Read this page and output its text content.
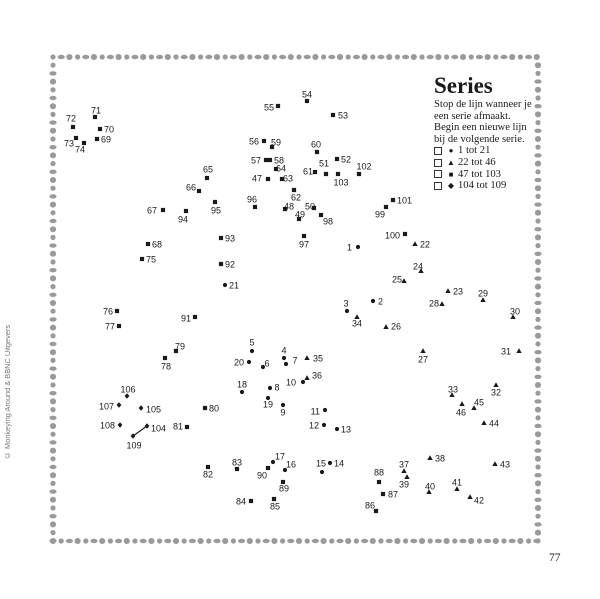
© Monkeying Around & BBNC Uitgevers
1
2
3
4
5
6	7
8
9
10
11
12 13
14
15
16
17
18
19
20
21
22
23
24
25
26
27
28
29
30
31
32
33
34
35
36
37
38
39 40 41
42
43
44
45
46
47
48
49
50
51 52
53
54
55
56
57 58
59	60
61
62
63
64
65
66
67
68
69
70
71
72
73
74
75
76
77
78
79
80
81
82
83
84	85	86
87
88
89
90
91
92
93
94
95
96
97
98
99
100
101
102
103
104
105
106
107
108
109
Series

Stop de lijn wanneer je een serie afmaakt. Begin een nieuwe lijn bij de volgende serie.

● 1 tot 21
▲ 22 tot 46
■ 47 tot 103
◆ 104 tot 109
77
